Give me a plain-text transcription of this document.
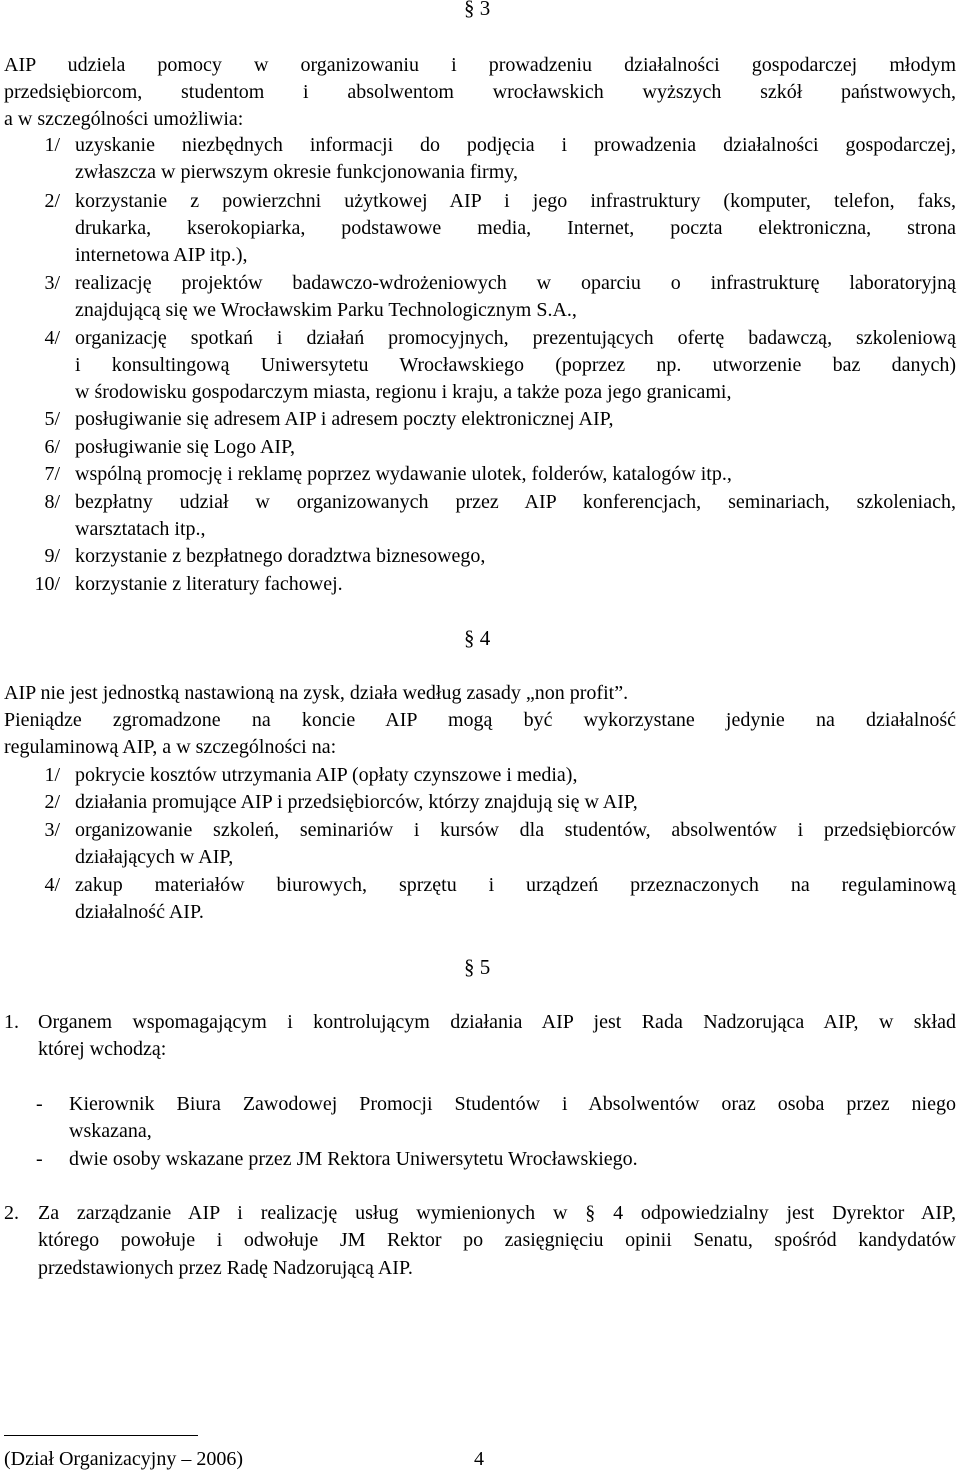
§ 3
AIP udziela pomocy w organizowaniu i prowadzeniu działalności gospodarczej młodym
przedsiębiorcom, studentom i absolwentom wrocławskich wyższych szkół państwowych,
a w szczególności umożliwia:
1/ uzyskanie niezbędnych informacji do podjęcia i prowadzenia działalności gospodarczej,
zwłaszcza w pierwszym okresie funkcjonowania firmy,
2/ korzystanie z powierzchni użytkowej AIP i jego infrastruktury (komputer, telefon, faks,
drukarka, kserokopiarka, podstawowe media, Internet, poczta elektroniczna, strona
internetowa AIP itp.),
3/ realizację projektów badawczo-wdrożeniowych w oparciu o infrastrukturę laboratoryjną
znajdującą się we Wrocławskim Parku Technologicznym S.A.,
4/ organizację spotkań i działań promocyjnych, prezentujących ofertę badawczą, szkoleniową
i konsultingową Uniwersytetu Wrocławskiego (poprzez np. utworzenie baz danych)
w środowisku gospodarczym miasta, regionu i kraju, a także poza jego granicami,
5/ posługiwanie się adresem AIP i adresem poczty elektronicznej AIP,
6/ posługiwanie się Logo AIP,
7/ wspólną promocję i reklamę poprzez wydawanie ulotek, folderów, katalogów itp.,
8/ bezpłatny udział w organizowanych przez AIP konferencjach, seminariach, szkoleniach,
warsztatach itp.,
9/ korzystanie z bezpłatnego doradztwa biznesowego,
10/ korzystanie z literatury fachowej.
§ 4
AIP nie jest jednostką nastawioną na zysk, działa według zasady „non profit”.
Pieniądze zgromadzone na koncie AIP mogą być wykorzystane jedynie na działalność
regulaminową AIP, a w szczególności na:
1/ pokrycie kosztów utrzymania AIP (opłaty czynszowe i media),
2/ działania promujące AIP i przedsiębiorców, którzy znajdują się w AIP,
3/ organizowanie szkoleń, seminariów i kursów dla studentów, absolwentów i przedsiębiorców
działających w AIP,
4/ zakup materiałów biurowych, sprzętu i urządzeń przeznaczonych na regulaminową
działalność AIP.
§ 5
1. Organem wspomagającym i kontrolującym działania AIP jest Rada Nadzorująca AIP, w skład
której wchodzą:
- Kierownik Biura Zawodowej Promocji Studentów i Absolwentów oraz osoba przez niego
wskazana,
- dwie osoby wskazane przez JM Rektora Uniwersytetu Wrocławskiego.
2. Za zarządzanie AIP i realizację usług wymienionych w § 4 odpowiedzialny jest Dyrektor AIP,
którego powołuje i odwołuje JM Rektor po zasięgnięciu opinii Senatu, spośród kandydatów
przedstawionych przez Radę Nadzorującą AIP.
(Dział Organizacyjny – 2006)	4
